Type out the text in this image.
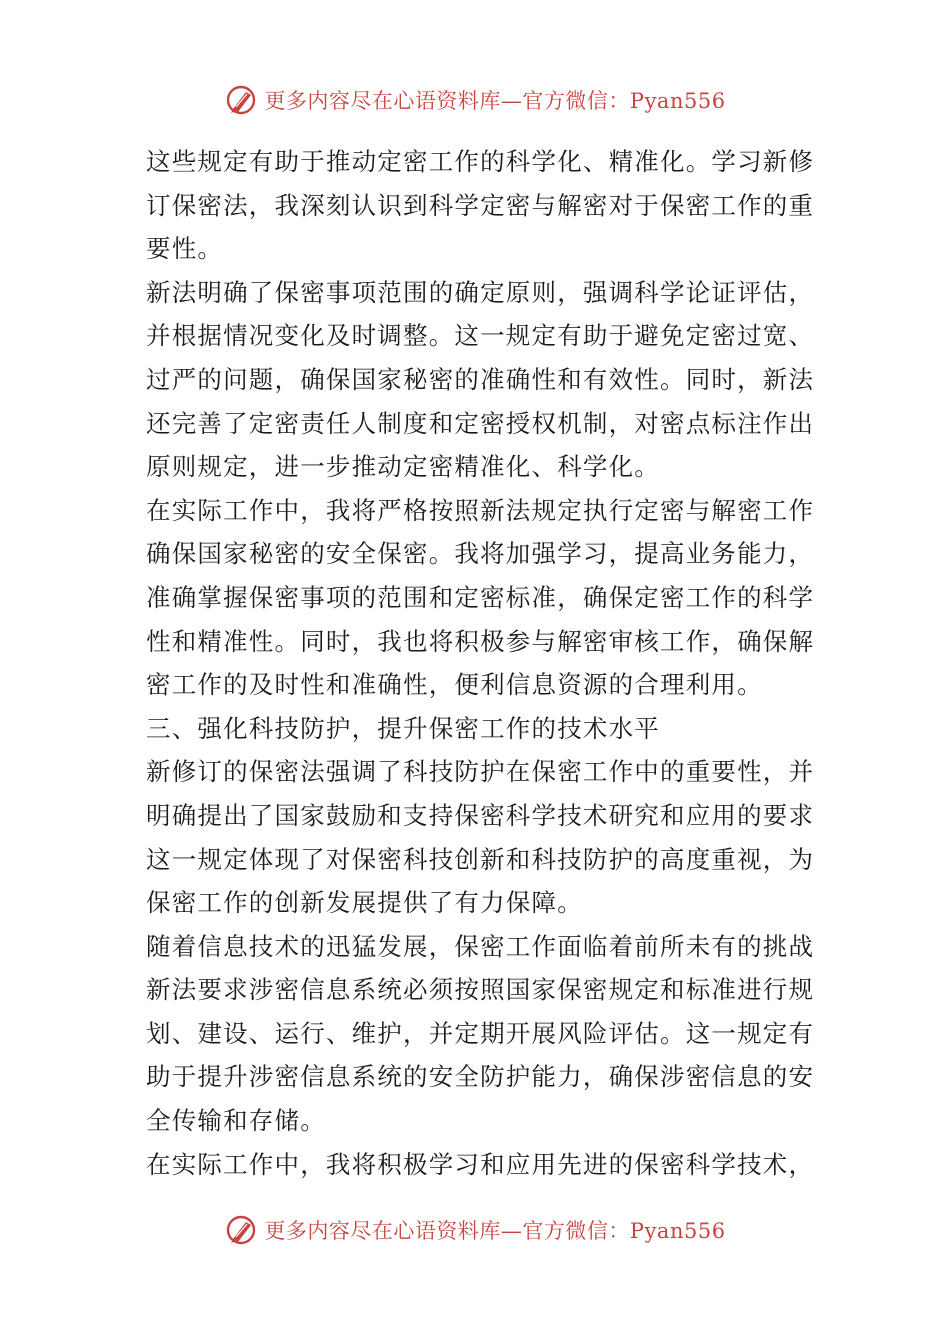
更多内容尽在心语资料库—官方微信：Pyan556
这些规定有助于推动定密工作的科学化、精准化。学习新修
订保密法，我深刻认识到科学定密与解密对于保密工作的重
要性。
新法明确了保密事项范围的确定原则，强调科学论证评估，
并根据情况变化及时调整。这一规定有助于避免定密过宽、
过严的问题，确保国家秘密的准确性和有效性。同时，新法
还完善了定密责任人制度和定密授权机制，对密点标注作出
原则规定，进一步推动定密精准化、科学化。
在实际工作中，我将严格按照新法规定执行定密与解密工作
确保国家秘密的安全保密。我将加强学习，提高业务能力，
准确掌握保密事项的范围和定密标准，确保定密工作的科学
性和精准性。同时，我也将积极参与解密审核工作，确保解
密工作的及时性和准确性，便利信息资源的合理利用。
三、强化科技防护，提升保密工作的技术水平
新修订的保密法强调了科技防护在保密工作中的重要性，并
明确提出了国家鼓励和支持保密科学技术研究和应用的要求
这一规定体现了对保密科技创新和科技防护的高度重视，为
保密工作的创新发展提供了有力保障。
随着信息技术的迅猛发展，保密工作面临着前所未有的挑战
新法要求涉密信息系统必须按照国家保密规定和标准进行规
划、建设、运行、维护，并定期开展风险评估。这一规定有
助于提升涉密信息系统的安全防护能力，确保涉密信息的安
全传输和存储。
在实际工作中，我将积极学习和应用先进的保密科学技术，
更多内容尽在心语资料库—官方微信：Pyan556
